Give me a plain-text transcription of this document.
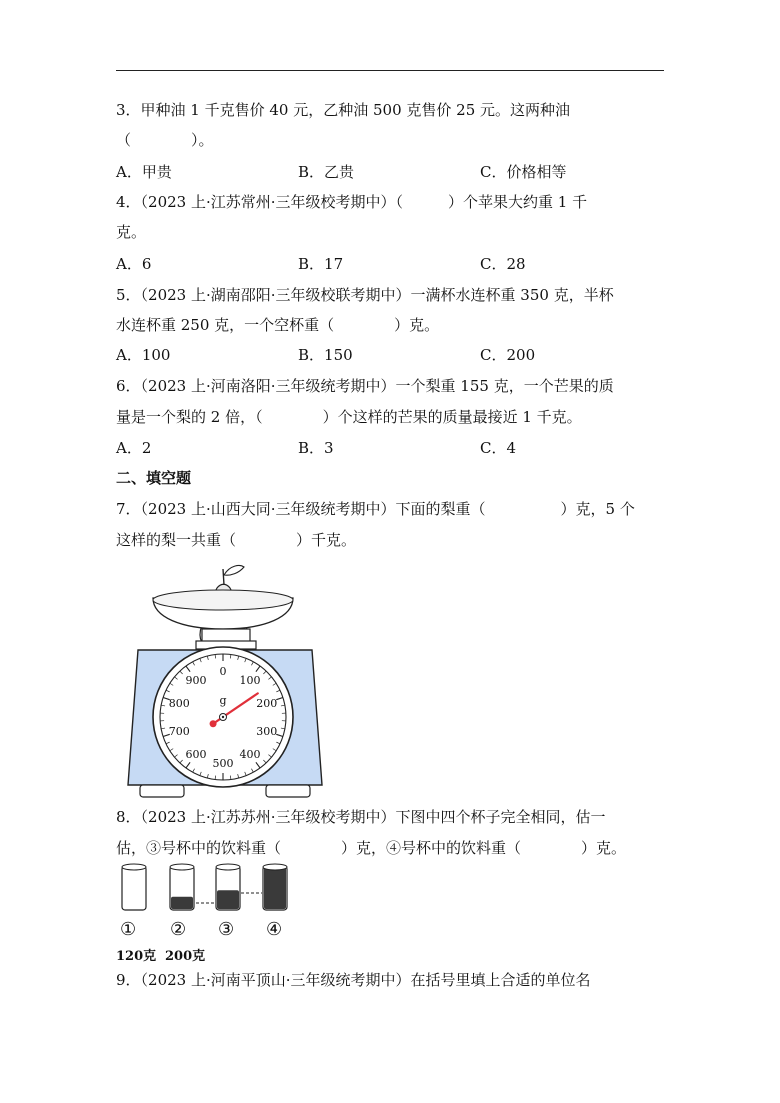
3．甲种油 1 千克售价 40 元，乙种油 500 克售价 25 元。这两种油
（　　　　）。
A．甲贵	B．乙贵	C．价格相等
4．（2023 上·江苏常州·三年级校考期中）（　　　）个苹果大约重 1 千
克。
A．6	B．17	C．28
5．（2023 上·湖南邵阳·三年级校联考期中）一满杯水连杯重 350 克，半杯
水连杯重 250 克，一个空杯重（　　　　）克。
A．100	B．150	C．200
6．（2023 上·河南洛阳·三年级统考期中）一个梨重 155 克，一个芒果的质
量是一个梨的 2 倍，（　　　　）个这样的芒果的质量最接近 1 千克。
A．2	B．3	C．4
二、填空题
7．（2023 上·山西大同·三年级统考期中）下面的梨重（　　　　　）克，5 个
这样的梨一共重（　　　　）千克。
0
100
200
300
400
500
600
700
800
900
g
8．（2023 上·江苏苏州·三年级校考期中）下图中四个杯子完全相同，估一
估，③号杯中的饮料重（　　　　）克，④号杯中的饮料重（　　　　）克。
① ② ③ ④
120克 200克
9．（2023 上·河南平顶山·三年级统考期中）在括号里填上合适的单位名
